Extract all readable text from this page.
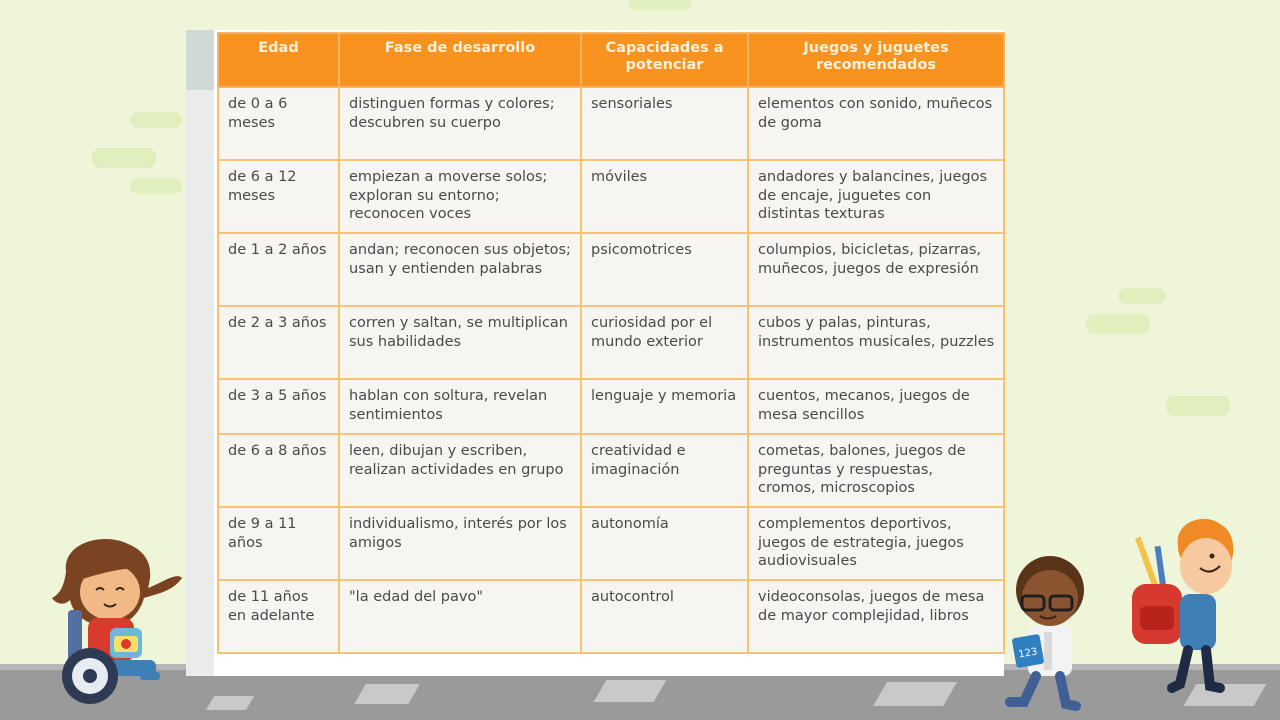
Edad	Fase de desarrollo	Capacidades a potenciar	Juegos y juguetes recomendados
de 0 a 6 meses	distinguen formas y colores; descubren su cuerpo	sensoriales	elementos con sonido, muñecos de goma
de 6 a 12 meses	empiezan a moverse solos; exploran su entorno; reconocen voces	móviles	andadores y balancines, juegos de encaje, juguetes con distintas texturas
de 1 a 2 años	andan; reconocen sus objetos; usan y entienden palabras	psicomotrices	columpios, bicicletas, pizarras, muñecos, juegos de expresión
de 2 a 3 años	corren y saltan, se multiplican sus habilidades	curiosidad por el mundo exterior	cubos y palas, pinturas, instrumentos musicales, puzzles
de 3 a 5 años	hablan con soltura, revelan sentimientos	lenguaje y memoria	cuentos, mecanos, juegos de mesa sencillos
de 6 a 8 años	leen, dibujan y escriben, realizan actividades en grupo	creatividad e imaginación	cometas, balones, juegos de preguntas y respuestas, cromos, microscopios
de 9 a 11 años	individualismo, interés por los amigos	autonomía	complementos deportivos, juegos de estrategia, juegos audiovisuales
de 11 años en adelante	"la edad del pavo"	autocontrol	videoconsolas, juegos de mesa de mayor complejidad, libros
123
